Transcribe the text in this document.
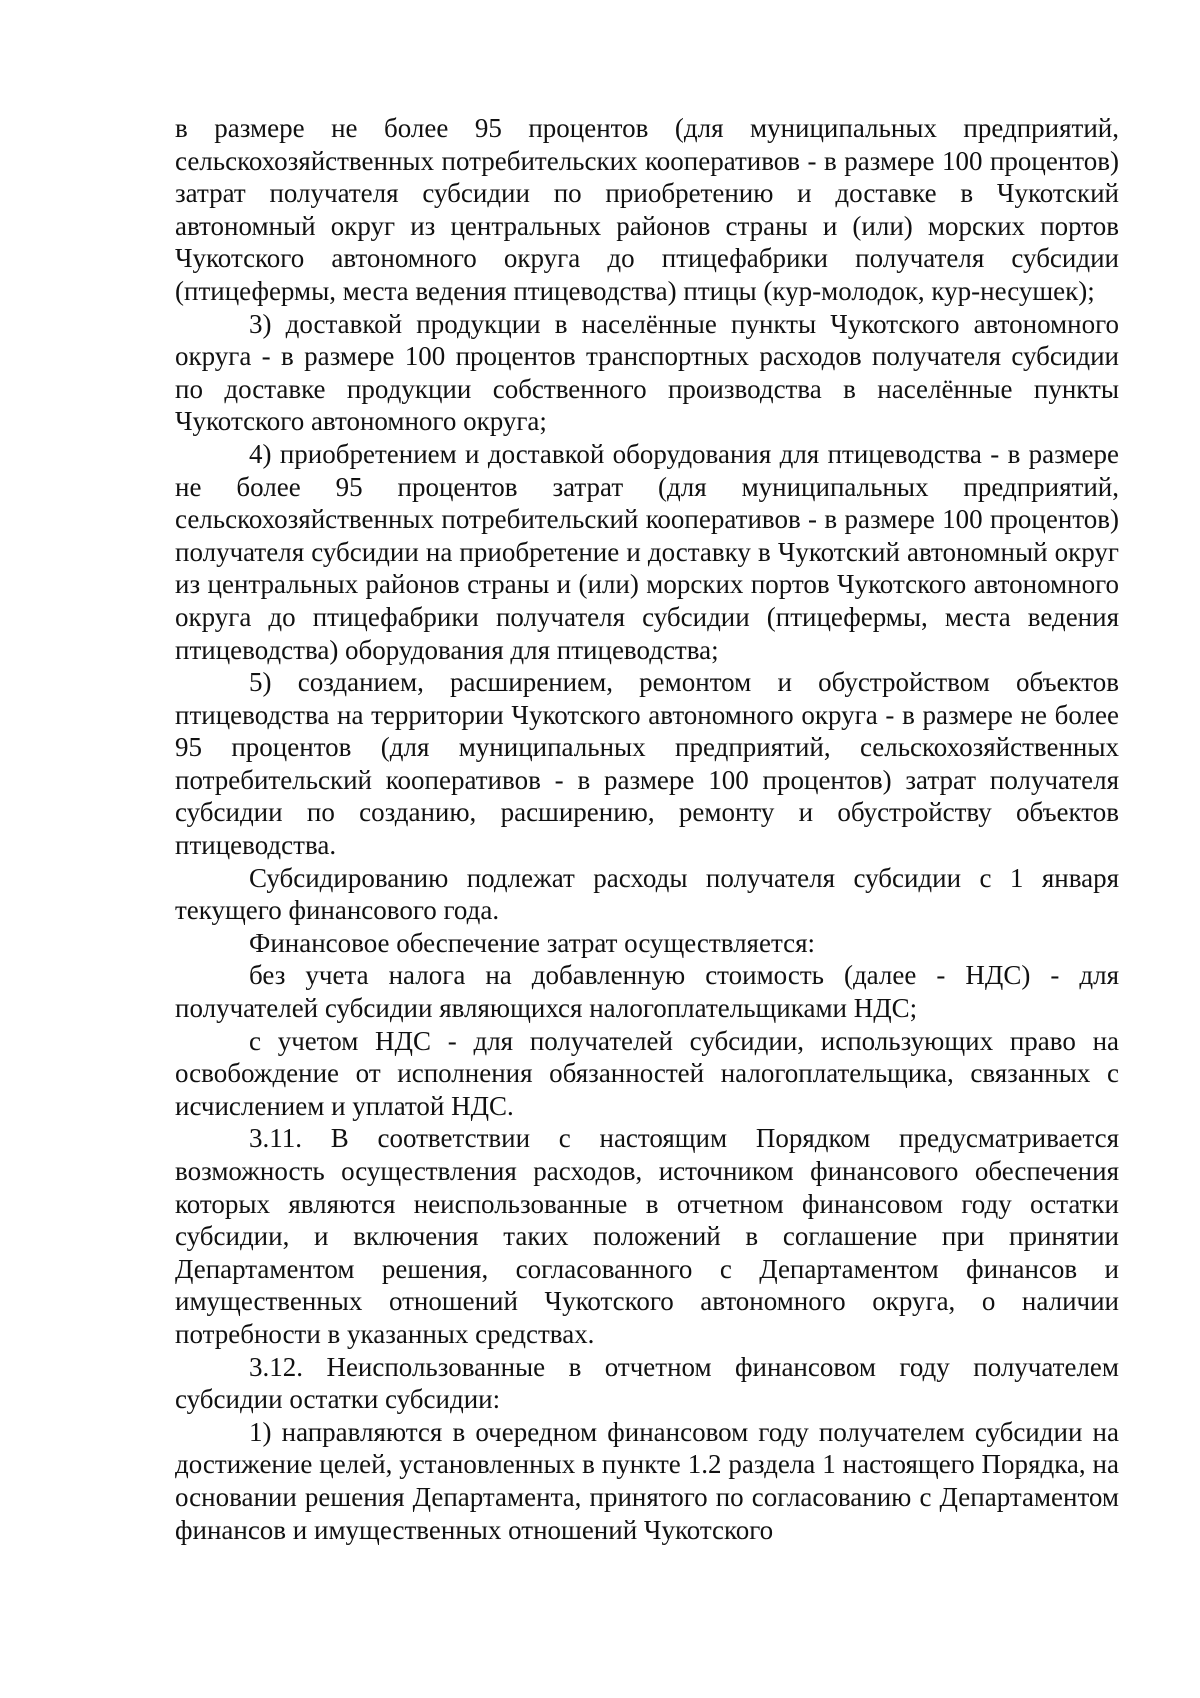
в размере не более 95 процентов (для муниципальных предприятий, сельскохозяйственных потребительских кооперативов - в размере 100 процентов) затрат получателя субсидии по приобретению и доставке в Чукотский автономный округ из центральных районов страны и (или) морских портов Чукотского автономного округа до птицефабрики получателя субсидии (птицефермы, места ведения птицеводства) птицы (кур-молодок, кур-несушек);

3) доставкой продукции в населённые пункты Чукотского автономного округа - в размере 100 процентов транспортных расходов получателя субсидии по доставке продукции собственного производства в населённые пункты Чукотского автономного округа;

4) приобретением и доставкой оборудования для птицеводства - в размере не более 95 процентов затрат (для муниципальных предприятий, сельскохозяйственных потребительский кооперативов - в размере 100 процентов) получателя субсидии на приобретение и доставку в Чукотский автономный округ из центральных районов страны и (или) морских портов Чукотского автономного округа до птицефабрики получателя субсидии (птицефермы, места ведения птицеводства) оборудования для птицеводства;

5) созданием, расширением, ремонтом и обустройством объектов птицеводства на территории Чукотского автономного округа - в размере не более 95 процентов (для муниципальных предприятий, сельскохозяйственных потребительский кооперативов - в размере 100 процентов) затрат получателя субсидии по созданию, расширению, ремонту и обустройству объектов птицеводства.

Субсидированию подлежат расходы получателя субсидии с 1 января текущего финансового года.

Финансовое обеспечение затрат осуществляется:

без учета налога на добавленную стоимость (далее - НДС) - для получателей субсидии являющихся налогоплательщиками НДС;

с учетом НДС - для получателей субсидии, использующих право на освобождение от исполнения обязанностей налогоплательщика, связанных с исчислением и уплатой НДС.

3.11. В соответствии с настоящим Порядком предусматривается возможность осуществления расходов, источником финансового обеспечения которых являются неиспользованные в отчетном финансовом году остатки субсидии, и включения таких положений в соглашение при принятии Департаментом решения, согласованного с Департаментом финансов и имущественных отношений Чукотского автономного округа, о наличии потребности в указанных средствах.

3.12. Неиспользованные в отчетном финансовом году получателем субсидии остатки субсидии:

1) направляются в очередном финансовом году получателем субсидии на достижение целей, установленных в пункте 1.2 раздела 1 настоящего Порядка, на основании решения Департамента, принятого по согласованию с Департаментом финансов и имущественных отношений Чукотского
